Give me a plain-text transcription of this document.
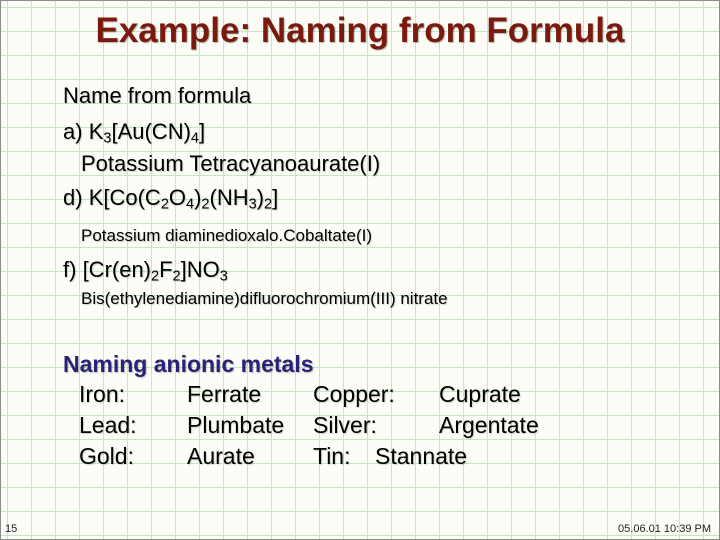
Example: Naming from Formula
Name from formula
a) $K_3[Au(CN)_4]$
Potassium Tetracyanoaurate(I)
d) $K[Co(C_2O_4)_2(NH_3)_2]$
Potassium diaminedioxalo.Cobaltate(I)
f) $[Cr(en)_2F_2]NO_3$
Bis(ethylenediamine)difluorochromium(III) nitrate
Naming anionic metals
Iron:	Ferrate Copper: Cuprate
Lead: Plumbate Silver:	Argentate
Gold: Aurate	Tin: Stannate
15	05.06.01 10:39 PM
